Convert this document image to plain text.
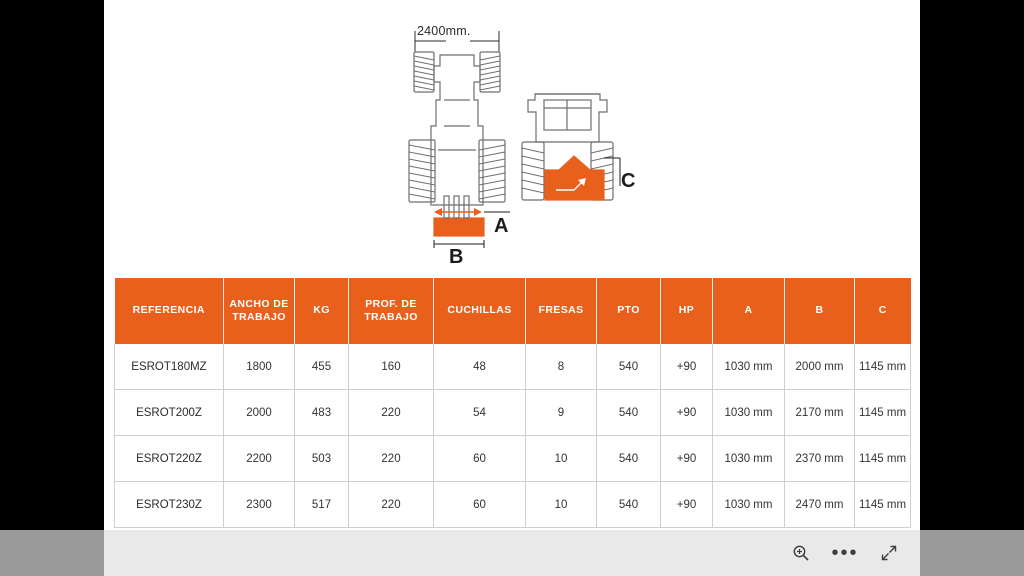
2400mm.
A
B
C
REFERENCIA	ANCHO DE TRABAJO	KG	PROF. DE TRABAJO	CUCHILLAS	FRESAS	PTO	HP	A	B	C
ESROT180MZ	1800	455	160	48	8	540	+90	1030 mm	2000 mm	1145 mm
ESROT200Z	2000	483	220	54	9	540	+90	1030 mm	2170 mm	1145 mm
ESROT220Z	2200	503	220	60	10	540	+90	1030 mm	2370 mm	1145 mm
ESROT230Z	2300	517	220	60	10	540	+90	1030 mm	2470 mm	1145 mm
•••
